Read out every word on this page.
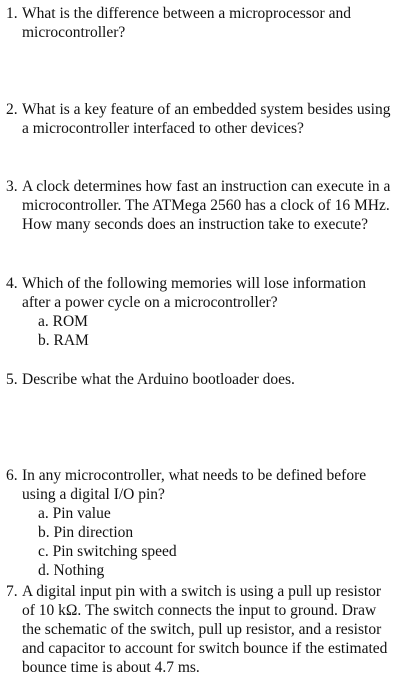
1. What is the difference between a microprocessor and
microcontroller?
2. What is a key feature of an embedded system besides using
a microcontroller interfaced to other devices?
3. A clock determines how fast an instruction can execute in a
microcontroller. The ATMega 2560 has a clock of 16 MHz.
How many seconds does an instruction take to execute?
4. Which of the following memories will lose information
after a power cycle on a microcontroller?
a. ROM
b. RAM
5. Describe what the Arduino bootloader does.
6. In any microcontroller, what needs to be defined before
using a digital I/O pin?
a. Pin value
b. Pin direction
c. Pin switching speed
d. Nothing
7. A digital input pin with a switch is using a pull up resistor
of 10 kΩ. The switch connects the input to ground. Draw
the schematic of the switch, pull up resistor, and a resistor
and capacitor to account for switch bounce if the estimated
bounce time is about 4.7 ms.
